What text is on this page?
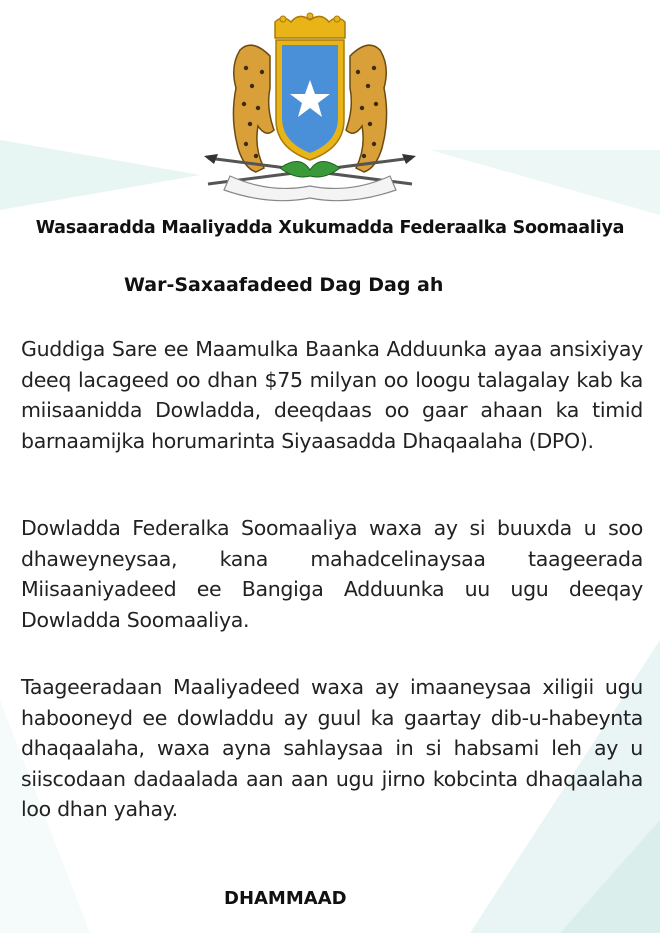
Wasaaradda Maaliyadda Xukumadda Federaalka Soomaaliya
War-Saxaafadeed Dag Dag ah
Guddiga Sare ee Maamulka Baanka Adduunka ayaa ansixiyay deeq lacageed oo dhan $75 milyan oo loogu talagalay kab ka miisaanidda Dowladda, deeqdaas oo gaar ahaan ka timid barnaamijka horumarinta Siyaasadda Dhaqaalaha (DPO).
Dowladda Federalka Soomaaliya waxa ay si buuxda u soo dhaweyneysaa, kana mahadcelinaysaa taageerada Miisaaniyadeed ee Bangiga Adduunka uu ugu deeqay Dowladda Soomaaliya.
Taageeradaan Maaliyadeed waxa ay imaaneysaa xiligii ugu habooneyd ee dowladdu ay guul ka gaartay dib-u-habeynta dhaqaalaha, waxa ayna sahlaysaa in si habsami leh ay u siiscodaan dadaalada aan aan ugu jirno kobcinta dhaqaalaha loo dhan yahay.
DHAMMAAD
